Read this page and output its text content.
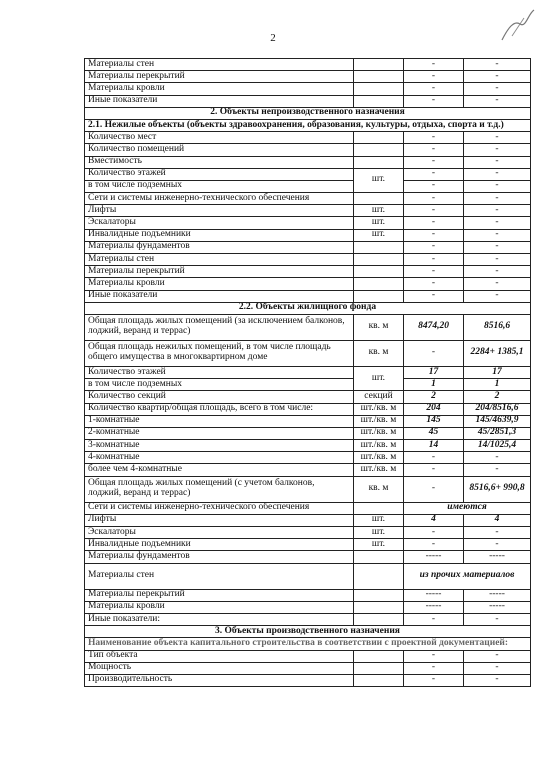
2
Материалы стен		-	-
Материалы перекрытий		-	-
Материалы кровли		-	-
Иные показатели		-	-
2. Объекты непроизводственного назначения			
2.1. Нежилые объекты (объекты здравоохранения, образования, культуры, отдыха, спорта и т.д.)			
Количество мест		-	-
Количество помещений		-	-
Вместимость		-	-
Количество этажей	шт.	-	-
в том числе подземных		-	-
Сети и системы инженерно-технического обеспечения		-	-
Лифты	шт.	-	-
Эскалаторы	шт.	-	-
Инвалидные подъемники	шт.	-	-
Материалы фундаментов		-	-
Материалы стен		-	-
Материалы перекрытий		-	-
Материалы кровли		-	-
Иные показатели		-	-
2.2. Объекты жилищного фонда			
Общая площадь жилых помещений (за исключением балконов, лоджий, веранд и террас)	кв. м	8474,20	8516,6
Общая площадь нежилых помещений, в том числе площадь общего имущества в многоквартирном доме	кв. м	-	2284+ 1385,1
Количество этажей	шт.	17	17
в том числе подземных		1	1
Количество секций	секций	2	2
Количество квартир/общая площадь, всего в том числе:	шт./кв. м	204	204/8516,6
1-комнатные	шт./кв. м	145	145/4639,9
2-комнатные	шт./кв. м	45	45/2851,3
3-комнатные	шт./кв. м	14	14/1025,4
4-комнатные	шт./кв. м	-	-
более чем 4-комнатные	шт./кв. м	-	-
Общая площадь жилых помещений (с учетом балконов, лоджий, веранд и террас)	кв. м	-	8516,6+ 990,8
Сети и системы инженерно-технического обеспечения		имеются	
Лифты	шт.	4	4
Эскалаторы	шт.	-	-
Инвалидные подъемники	шт.	-	-
Материалы фундаментов		-----	-----
Материалы стен		из прочих материалов	
Материалы перекрытий		-----	-----
Материалы кровли		-----	-----
Иные показатели:		-	-
3. Объекты производственного назначения			
Наименование объекта капитального строительства в соответствии с проектной документацией:			
Тип объекта		-	-
Мощность		-	-
Производительность		-	-
